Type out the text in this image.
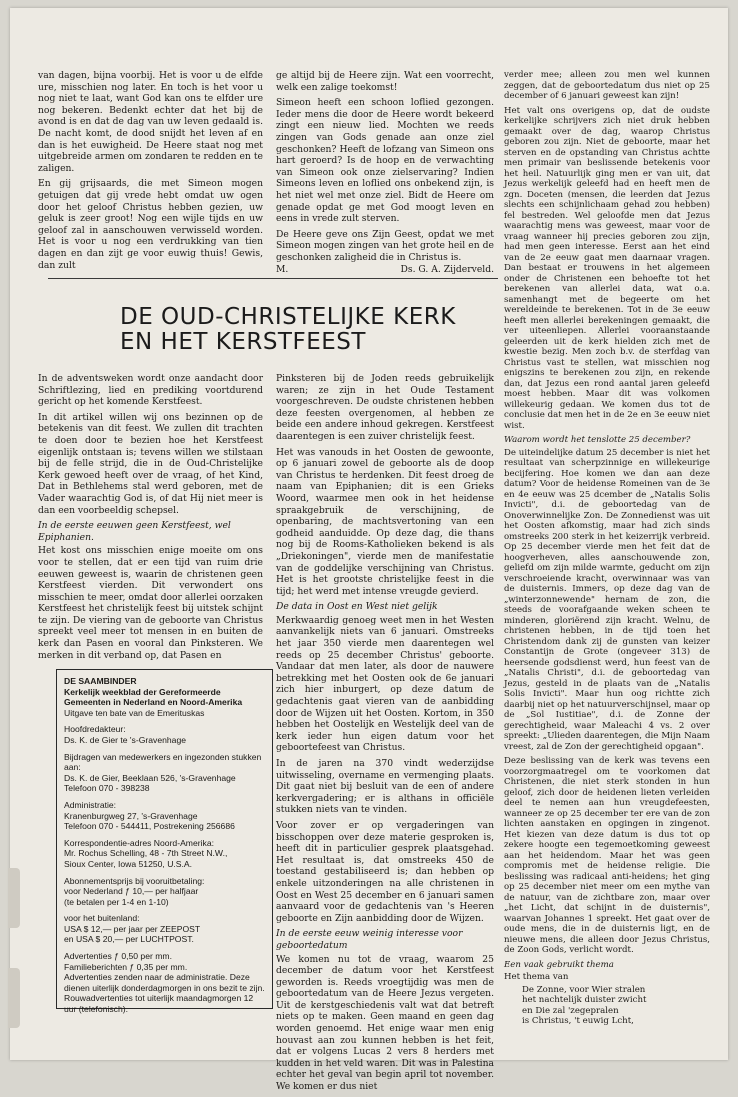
van dagen, bijna voorbij. Het is voor u de elfde ure, misschien nog later. En toch is het voor u nog niet te laat, want God kan ons te elfder ure nog bekeren. Bedenkt echter dat het bij de avond is en dat de dag van uw leven gedaald is. De nacht komt, de dood snijdt het leven af en dan is het euwigheid. De Heere staat nog met uitgebreide armen om zondaren te redden en te zaligen.

En gij grijsaards, die met Simeon mogen getuigen dat gij vrede hebt omdat uw ogen door het geloof Christus hebben gezien, uw geluk is zeer groot! Nog een wijle tijds en uw geloof zal in aanschouwen verwisseld worden. Het is voor u nog een verdrukking van tien dagen en dan zijt ge voor euwig thuis! Gewis, dan zult

ge altijd bij de Heere zijn. Wat een voorrecht, welk een zalige toekomst!

Simeon heeft een schoon loflied gezongen. Ieder mens die door de Heere wordt bekeerd zingt een nieuw lied. Mochten we reeds zingen van Gods genade aan onze ziel geschonken? Heeft de lofzang van Simeon ons hart geroerd? Is de hoop en de verwachting van Simeon ook onze zielservaring? Indien Simeons leven en loflied ons onbekend zijn, is het niet wel met onze ziel. Bidt de Heere om genade opdat ge met God moogt leven en eens in vrede zult sterven.

De Heere geve ons Zijn Geest, opdat we met Simeon mogen zingen van het grote heil en de geschonken zaligheid die in Christus is.

M.	Ds. G. A. Zijderveld.
DE OUD-CHRISTELIJKE KERK
EN HET KERSTFEEST

In de adventsweken wordt onze aandacht door Schriftlezing, lied en prediking voortdurend gericht op het komende Kerstfeest.

In dit artikel willen wij ons bezinnen op de betekenis van dit feest. We zullen dit trachten te doen door te bezien hoe het Kerstfeest eigenlijk ontstaan is; tevens willen we stilstaan bij de felle strijd, die in de Oud-Christelijke Kerk gewoed heeft over de vraag, of het Kind, Dat in Bethlehems stal werd geboren, met de Vader waarachtig God is, of dat Hij niet meer is dan een voorbeeldig schepsel.

In de eerste eeuwen geen Kerstfeest, wel Epiphanien.

Het kost ons misschien enige moeite om ons voor te stellen, dat er een tijd van ruim drie eeuwen geweest is, waarin de christenen geen Kerstfeest vierden. Dit verwondert ons misschien te meer, omdat door allerlei oorzaken Kerstfeest het christelijk feest bij uitstek schijnt te zijn. De viering van de geboorte van Christus spreekt veel meer tot mensen in en buiten de kerk dan Pasen en vooral dan Pinksteren. We merken in dit verband op, dat Pasen en

DE SAAMBINDER
Kerkelijk weekblad der Gereformeerde Gemeenten in Nederland en Noord-Amerika
Uitgave ten bate van de Emerituskas
Hoofdredakteur:
Ds. K. de Gier te 's-Gravenhage
Bijdragen van medewerkers en ingezonden stukken aan:
Ds. K. de Gier, Beeklaan 526, 's-Gravenhage
Telefoon 070 - 398238
Administratie:
Kranenburgweg 27, 's-Gravenhage
Telefoon 070 - 544411, Postrekening 256686
Korrespondentie-adres Noord-Amerika:
Mr. Rochus Schelling, 48 - 7th Street N.W.,
Sioux Center, Iowa 51250, U.S.A.
Abonnementsprijs bij vooruitbetaling:
voor Nederland ƒ 10,— per halfjaar
(te betalen per 1-4 en 1-10)
voor het buitenland:
USA $ 12,— per jaar per ZEEPOST
en USA $ 20,— per LUCHTPOST.
Advertenties ƒ 0,50 per mm.
Familieberichten ƒ 0,35 per mm.
Advertenties zenden naar de administratie. Deze dienen uiterlijk donderdagmorgen in ons bezit te zijn.
Rouwadvertenties tot uiterlijk maandagmorgen 12 uur (telefonisch).

Pinksteren bij de Joden reeds gebruikelijk waren; ze zijn in het Oude Testament voorgeschreven. De oudste christenen hebben deze feesten overgenomen, al hebben ze beide een andere inhoud gekregen. Kerstfeest daarentegen is een zuiver christelijk feest.

Het was vanouds in het Oosten de gewoonte, op 6 januari zowel de geboorte als de doop van Christus te herdenken. Dit feest droeg de naam van Epiphanien; dit is een Grieks Woord, waarmee men ook in het heidense spraakgebruik de verschijning, de openbaring, de machtsvertoning van een godheid aanduidde. Op deze dag, die thans nog bij de Rooms-Katholieken bekend is als „Driekoningen", vierde men de manifestatie van de goddelijke verschijning van Christus. Het is het grootste christelijke feest in die tijd; het werd met intense vreugde gevierd.

De data in Oost en West niet gelijk

Merkwaardig genoeg weet men in het Westen aanvankelijk niets van 6 januari. Omstreeks het jaar 350 vierde men daarentegen wel reeds op 25 december Christus' geboorte. Vandaar dat men later, als door de nauwere betrekking met het Oosten ook de 6e januari zich hier inburgert, op deze datum de gedachtenis gaat vieren van de aanbidding door de Wijzen uit het Oosten. Kortom, in 350 hebben het Oostelijk en Westelijk deel van de kerk ieder hun eigen datum voor het geboortefeest van Christus.

In de jaren na 370 vindt wederzijdse uitwisseling, overname en vermenging plaats. Dit gaat niet bij besluit van de een of andere kerkvergadering; er is althans in officiële stukken niets van te vinden.

Voor zover er op vergaderingen van bisschoppen over deze materie gesproken is, heeft dit in particulier gesprek plaatsgehad. Het resultaat is, dat omstreeks 450 de toestand gestabiliseerd is; dan hebben op enkele uitzonderingen na alle christenen in Oost en West 25 december en 6 januari samen aanvaard voor de gedachtenis van 's Heeren geboorte en Zijn aanbidding door de Wijzen.

In de eerste eeuw weinig interesse voor geboortedatum

We komen nu tot de vraag, waarom 25 december de datum voor het Kerstfeest geworden is. Reeds vroegtijdig was men de geboortedatum van de Heere Jezus vergeten. Uit de kerstgeschiedenis valt wat dat betreft niets op te maken. Geen maand en geen dag worden genoemd. Het enige waar men enig houvast aan zou kunnen hebben is het feit, dat er volgens Lucas 2 vers 8 herders met kudden in het veld waren. Dit was in Palestina echter het geval van begin april tot november. We komen er dus niet

verder mee; alleen zou men wel kunnen zeggen, dat de geboortedatum dus niet op 25 december of 6 januari geweest kan zijn!

Het valt ons overigens op, dat de oudste kerkelijke schrijvers zich niet druk hebben gemaakt over de dag, waarop Christus geboren zou zijn. Niet de geboorte, maar het sterven en de opstanding van Christus achtte men primair van beslissende betekenis voor het heil. Natuurlijk ging men er van uit, dat Jezus werkelijk geleefd had en heeft men de zgn. Doceten (mensen, die leerden dat Jezus slechts een schijnlichaam gehad zou hebben) fel bestreden. Wel geloofde men dat Jezus waarachtig mens was geweest, maar voor de vraag wanneer hij precies geboren zou zijn, had men geen interesse. Eerst aan het eind van de 2e eeuw gaat men daarnaar vragen. Dan bestaat er trouwens in het algemeen onder de Christenen een behoefte tot het berekenen van allerlei data, wat o.a. samenhangt met de begeerte om het wereldeinde te berekenen. Tot in de 3e eeuw heeft men allerlei berekeningen gemaakt, die ver uiteenliepen. Allerlei vooraanstaande geleerden uit de kerk hielden zich met de kwestie bezig. Men zoch b.v. de sterfdag van Christus vast te stellen, wat misschien nog enigszins te berekenen zou zijn, en rekende dan, dat Jezus een rond aantal jaren geleefd moest hebben. Maar dit was volkomen willekeurig gedaan. We komen dus tot de conclusie dat men het in de 2e en 3e eeuw niet wist.

Waarom wordt het tenslotte 25 december?

De uiteindelijke datum 25 december is niet het resultaat van scherpzinnige en willekeurige becijfering. Hoe komen we dan aan deze datum? Voor de heidense Romeinen van de 3e en 4e eeuw was 25 dcember de „Natalis Solis Invicti", d.i. de geboortedag van de Onoverwinnelijke Zon. De Zonnedienst was uit het Oosten afkomstig, maar had zich sinds omstreeks 200 sterk in het keizerrijk verbreid. Op 25 december vierde men het feit dat de hoogverheven, alles aanschouwende zon, geliefd om zijn milde warmte, geducht om zijn verschroeiende kracht, overwinnaar was van de duisternis. Immers, op deze dag van de „winterzonnewende" hernam de zon, die steeds de voorafgaande weken scheen te minderen, gloriërend zijn kracht. Welnu, de christenen hebben, in de tijd toen het Christendom dank zij de gunsten van keizer Constantijn de Grote (ongeveer 313) de heersende godsdienst werd, hun feest van de „Natalis Christi", d.i. de geboortedag van Jezus, gesteld in de plaats van de „Natalis Solis Invicti". Maar hun oog richtte zich daarbij niet op het natuurverschijnsel, maar op de „Sol Iustitiae", d.i. de Zonne der gerechtigheid, waar Maleachi 4 vs. 2 over spreekt: „Ulieden daarentegen, die Mijn Naam vreest, zal de Zon der gerechtigheid opgaan".

Deze beslissing van de kerk was tevens een voorzorgmaatregel om te voorkomen dat Christenen, die niet sterk stonden in hun geloof, zich door de heidenen lieten verleiden deel te nemen aan hun vreugdefeesten, wanneer ze op 25 december ter ere van de zon lichten aanstaken en opgingen in zingenot. Het kiezen van deze datum is dus tot op zekere hoogte een tegemoetkoming geweest aan het heidendom. Maar het was geen compromis met de heidense religie. Die beslissing was radicaal anti-heidens; het ging op 25 december niet meer om een mythe van de natuur, van de zichtbare zon, maar over „het Licht, dat schijnt in de duisternis", waarvan Johannes 1 spreekt. Het gaat over de oude mens, die in de duisternis ligt, en de nieuwe mens, die alleen door Jezus Christus, de Zoon Gods, verlicht wordt.

Een vaak gebruikt thema

Het thema van

De Zonne, voor Wier stralen
het nachtelijk duister zwicht
en Die zal 'zegepralen
is Christus, 't euwig Lcht,
